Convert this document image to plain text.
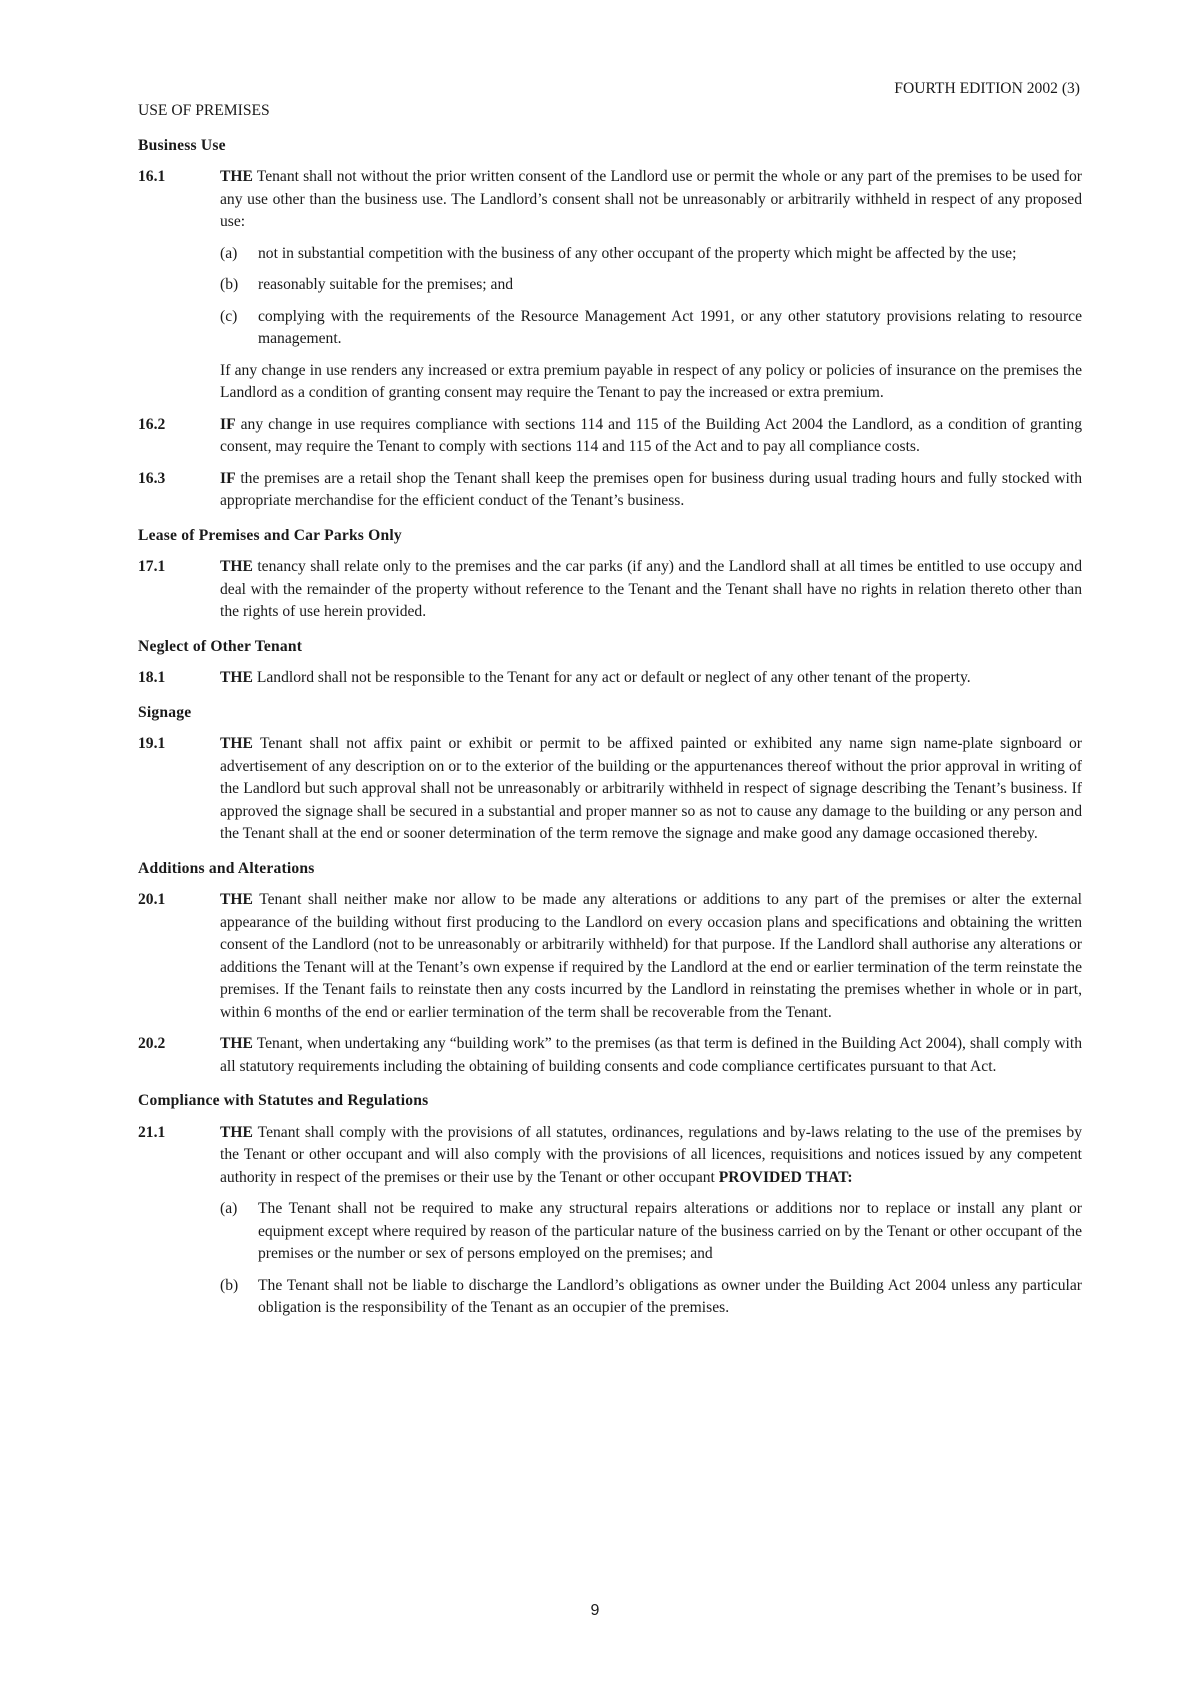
FOURTH EDITION 2002 (3)
USE OF PREMISES
Business Use
16.1	THE Tenant shall not without the prior written consent of the Landlord use or permit the whole or any part of the premises to be used for any use other than the business use. The Landlord’s consent shall not be unreasonably or arbitrarily withheld in respect of any proposed use:
(a)	not in substantial competition with the business of any other occupant of the property which might be affected by the use;
(b)	reasonably suitable for the premises; and
(c)	complying with the requirements of the Resource Management Act 1991, or any other statutory provisions relating to resource management.
If any change in use renders any increased or extra premium payable in respect of any policy or policies of insurance on the premises the Landlord as a condition of granting consent may require the Tenant to pay the increased or extra premium.
16.2	IF any change in use requires compliance with sections 114 and 115 of the Building Act 2004 the Landlord, as a condition of granting consent, may require the Tenant to comply with sections 114 and 115 of the Act and to pay all compliance costs.
16.3	IF the premises are a retail shop the Tenant shall keep the premises open for business during usual trading hours and fully stocked with appropriate merchandise for the efficient conduct of the Tenant’s business.
Lease of Premises and Car Parks Only
17.1	THE tenancy shall relate only to the premises and the car parks (if any) and the Landlord shall at all times be entitled to use occupy and deal with the remainder of the property without reference to the Tenant and the Tenant shall have no rights in relation thereto other than the rights of use herein provided.
Neglect of Other Tenant
18.1	THE Landlord shall not be responsible to the Tenant for any act or default or neglect of any other tenant of the property.
Signage
19.1	THE Tenant shall not affix paint or exhibit or permit to be affixed painted or exhibited any name sign name-plate signboard or advertisement of any description on or to the exterior of the building or the appurtenances thereof without the prior approval in writing of the Landlord but such approval shall not be unreasonably or arbitrarily withheld in respect of signage describing the Tenant’s business. If approved the signage shall be secured in a substantial and proper manner so as not to cause any damage to the building or any person and the Tenant shall at the end or sooner determination of the term remove the signage and make good any damage occasioned thereby.
Additions and Alterations
20.1	THE Tenant shall neither make nor allow to be made any alterations or additions to any part of the premises or alter the external appearance of the building without first producing to the Landlord on every occasion plans and specifications and obtaining the written consent of the Landlord (not to be unreasonably or arbitrarily withheld) for that purpose. If the Landlord shall authorise any alterations or additions the Tenant will at the Tenant’s own expense if required by the Landlord at the end or earlier termination of the term reinstate the premises. If the Tenant fails to reinstate then any costs incurred by the Landlord in reinstating the premises whether in whole or in part, within 6 months of the end or earlier termination of the term shall be recoverable from the Tenant.
20.2	THE Tenant, when undertaking any “building work” to the premises (as that term is defined in the Building Act 2004), shall comply with all statutory requirements including the obtaining of building consents and code compliance certificates pursuant to that Act.
Compliance with Statutes and Regulations
21.1	THE Tenant shall comply with the provisions of all statutes, ordinances, regulations and by-laws relating to the use of the premises by the Tenant or other occupant and will also comply with the provisions of all licences, requisitions and notices issued by any competent authority in respect of the premises or their use by the Tenant or other occupant PROVIDED THAT:
(a)	The Tenant shall not be required to make any structural repairs alterations or additions nor to replace or install any plant or equipment except where required by reason of the particular nature of the business carried on by the Tenant or other occupant of the premises or the number or sex of persons employed on the premises; and
(b)	The Tenant shall not be liable to discharge the Landlord’s obligations as owner under the Building Act 2004 unless any particular obligation is the responsibility of the Tenant as an occupier of the premises.
9
